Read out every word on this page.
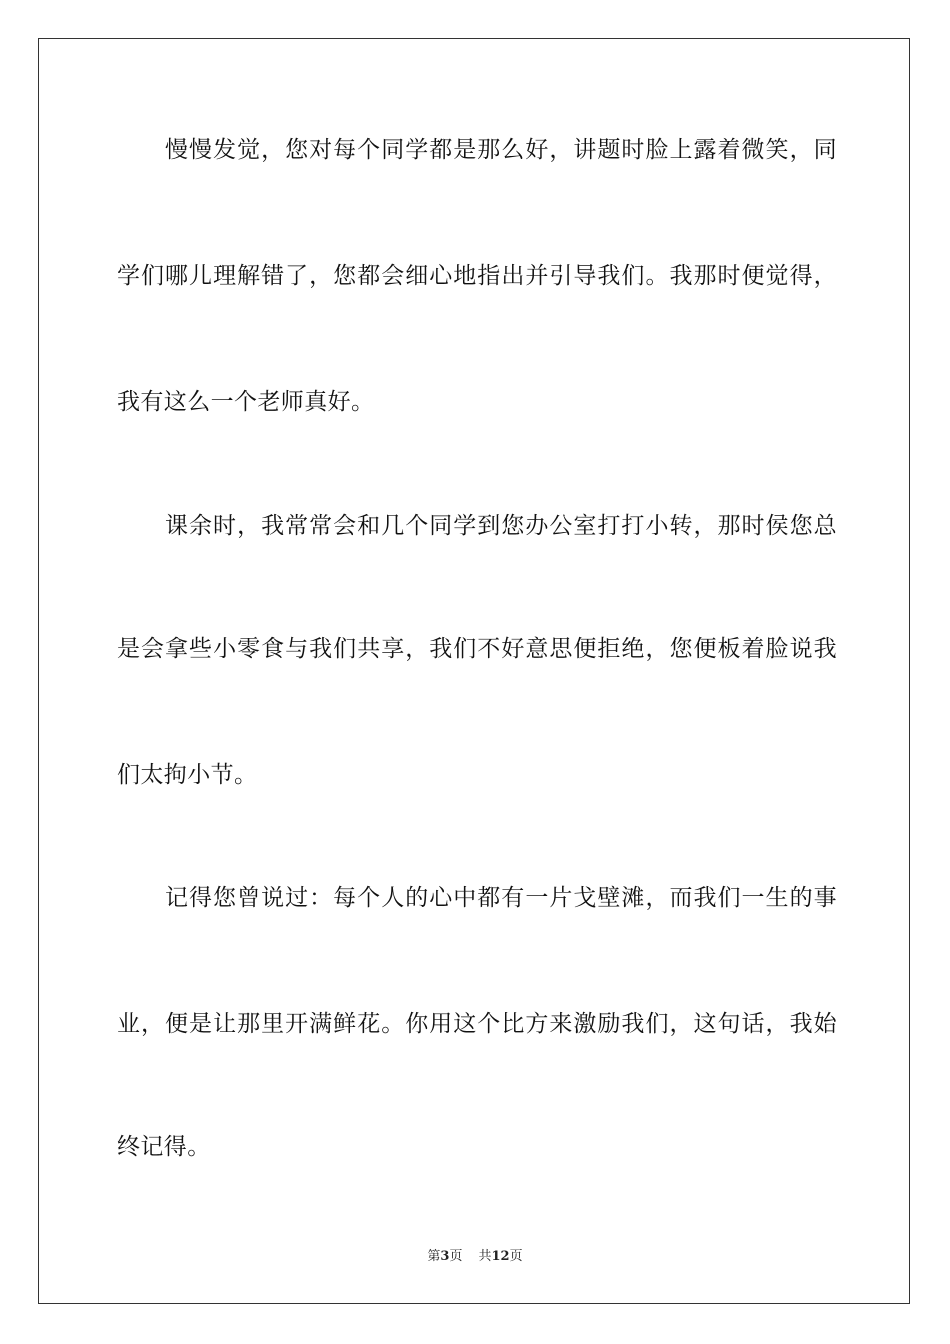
慢慢发觉，您对每个同学都是那么好，讲题时脸上露着微笑，同
学们哪儿理解错了，您都会细心地指出并引导我们。我那时便觉得，
我有这么一个老师真好。
课余时，我常常会和几个同学到您办公室打打小转，那时侯您总
是会拿些小零食与我们共享，我们不好意思便拒绝，您便板着脸说我
们太拘小节。
记得您曾说过：每个人的心中都有一片戈壁滩，而我们一生的事
业，便是让那里开满鲜花。你用这个比方来激励我们，这句话，我始
终记得。
第3页 共12页
